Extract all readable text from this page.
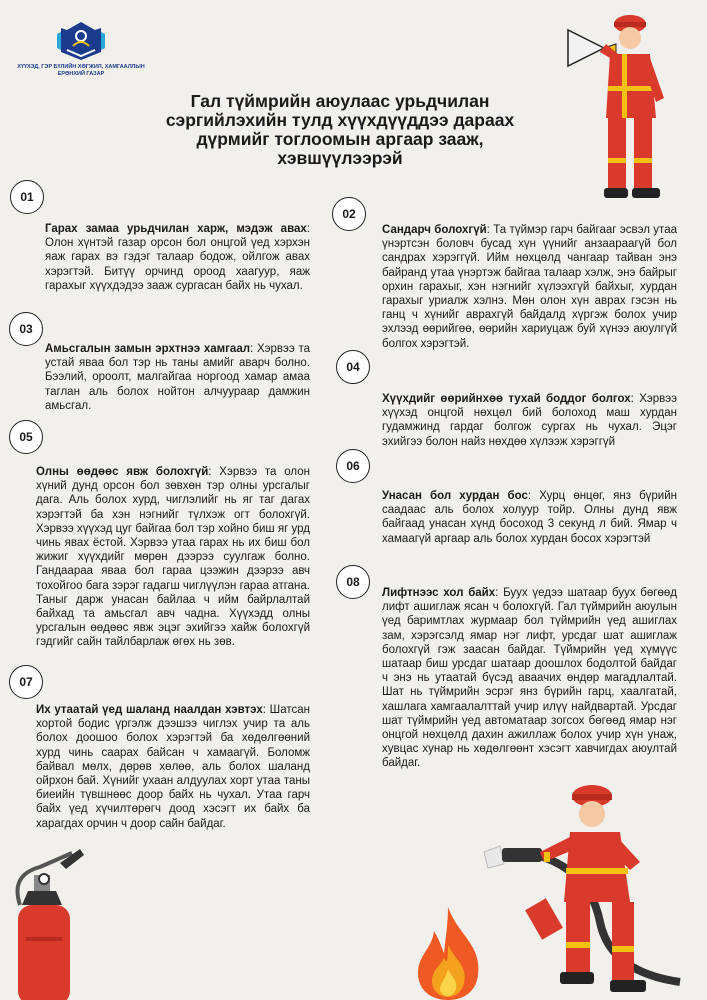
ХҮҮХЭД, ГЭР БҮЛИЙН ХӨГЖИЛ, ХАМГААЛЛЫН ЕРӨНХИЙ ГАЗАР
Гал түймрийн аюулаас урьдчилан сэргийлэхийн тулд хүүхдүүддээ дараах дүрмийг тоглоомын аргаар зааж, хэвшүүлээрэй
01
02
03
04
05
06
07
08
Гарах замаа урьдчилан харж, мэдэж авах: Олон хүнтэй газар орсон бол онцгой үед хэрхэн яаж гарах вэ гэдэг талаар бодож, ойлгож авах хэрэгтэй. Битүү орчинд ороод хаагуур, яаж гарахыг хүүхдэдээ зааж сургасан байх нь чухал.
Сандарч болохгүй: Та түймэр гарч байгааг эсвэл утаа үнэртсэн боловч бусад хүн үүнийг анзаараагүй бол сандрах хэрэггүй. Ийм нөхцөлд чангаар тайван энэ байранд утаа үнэртэж байгаа талаар хэлж, энэ байрыг орхин гарахыг, хэн нэгнийг хүлээхгүй байхыг, хурдан гарахыг уриалж хэлнэ. Мөн олон хүн аврах гэсэн нь ганц ч хүнийг аврахгүй байдалд хүргэж болох учир эхлээд өөрийгөө, өөрийн хариуцаж буй хүнээ аюулгүй болгох хэрэгтэй.
Амьсгалын замын эрхтнээ хамгаал: Хэрвээ та устай яваа бол тэр нь таны амийг аварч болно. Бээлий, ороолт, малгайгаа норгоод хамар амаа таглан аль болох нойтон алчуураар дамжин амьсгал.
Хүүхдийг өөрийнхөө тухай боддог болгох: Хэрвээ хүүхэд онцгой нөхцөл бий болоход маш хурдан гудамжинд гардаг болгож сургах нь чухал. Эцэг эхийгээ болон найз нөхдөө хүлээж хэрэггүй
Олны өөдөөс явж болохгүй: Хэрвээ та олон хүний дунд орсон бол зөвхөн тэр олны урсгалыг дага. Аль болох хурд, чиглэлийг нь яг таг дагах хэрэгтэй ба хэн нэгнийг түлхэж огт болохгүй. Хэрвээ хүүхэд цуг байгаа бол тэр хойно биш яг урд чинь явах ёстой. Хэрвээ утаа гарах нь их биш бол жижиг хүүхдийг мөрөн дээрээ суулгаж болно. Гандаараа яваа бол гараа цээжин дээрээ авч тохойгоо бага зэрэг гадагш чиглүүлэн гараа атгана. Таныг дарж унасан байлаа ч ийм байрлалтай байхад та амьсгал авч чадна. Хүүхэдд олны урсгалын өөдөөс явж эцэг эхийгээ хайж болохгүй гэдгийг сайн тайлбарлаж өгөх нь зөв.
Унасан бол хурдан бос: Хурц өнцөг, янз бүрийн саадаас аль болох холуур тойр. Олны дунд явж байгаад унасан хүнд босоход 3 секунд л бий. Ямар ч хамаагүй аргаар аль болох хурдан босох хэрэгтэй
Их утаатай үед шаланд наалдан хэвтэх: Шатсан хортой бодис үргэлж дээшээ чиглэх учир та аль болох доошоо болох хэрэгтэй ба хөдөлгөөний хурд чинь саарах байсан ч хамаагүй. Боломж байвал мөлх, дөрөв хөлөө, аль болох шаланд ойрхон бай. Хүнийг ухаан алдуулах хорт утаа таны биеийн түвшнөөс доор байх нь чухал. Утаа гарч байх үед хүчилтөрөгч доод хэсэгт их байх ба харагдах орчин ч доор сайн байдаг.
Лифтнээс хол байх: Буух үедээ шатаар буух бөгөөд лифт ашиглаж ясан ч болохгүй. Гал түймрийн аюулын үед баримтлах журмаар бол түймрийн үед ашиглах зам, хэрэгсэлд ямар нэг лифт, урсдаг шат ашиглаж болохгүй гэж заасан байдаг. Түймрийн үед хүмүүс шатаар биш урсдаг шатаар доошлох бодолтой байдаг ч энэ нь утаатай бүсэд аваачих өндөр магадлалтай. Шат нь түймрийн эсрэг янз бүрийн гарц, хаалгатай, хашлага хамгаалалттай учир илүү найдвартай. Урсдаг шат түймрийн үед автоматаар зогсох бөгөөд ямар нэг онцгой нөхцөлд дахин ажиллаж болох учир хүн унаж, хувцас хунар нь хөдөлгөөнт хэсэгт хавчигдах аюултай байдаг.
